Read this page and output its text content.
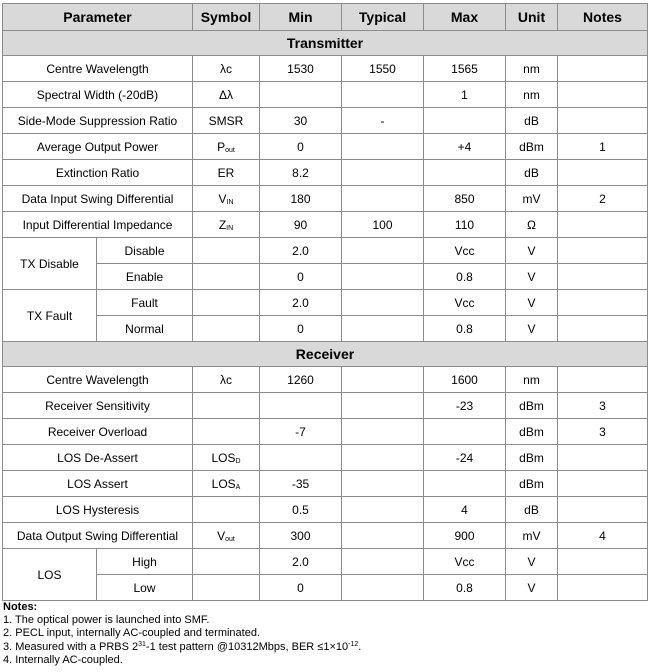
Parameter		Symbol	Min	Typical	Max	Unit	Notes
Transmitter							
Centre Wavelength		λc	1530	1550	1565	nm	
Spectral Width (-20dB)		Δλ			1	nm	
Side-Mode Suppression Ratio		SMSR	30	-		dB	
Average Output Power		$P_{out}$	0		+4	dBm	1
Extinction Ratio		ER	8.2			dB	
Data Input Swing Differential		$V_{IN}$	180		850	mV	2
Input Differential Impedance		$Z_{IN}$	90	100	110	Ω	
TX Disable	Disable		2.0		Vcc	V	
	Enable		0		0.8	V	
TX Fault	Fault		2.0		Vcc	V	
	Normal		0		0.8	V	
Receiver							
Centre Wavelength		λc	1260		1600	nm	
Receiver Sensitivity					-23	dBm	3
Receiver Overload			-7			dBm	3
LOS De-Assert		$LOS_D$			-24	dBm	
LOS Assert		$LOS_A$	-35			dBm	
LOS Hysteresis			0.5		4	dB	
Data Output Swing Differential		$V_{out}$	300		900	mV	4
LOS	High		2.0		Vcc	V	
	Low		0		0.8	V	
Notes:
1. The optical power is launched into SMF.
2. PECL input, internally AC-coupled and terminated.
3. Measured with a PRBS $2^{31}-1$ test pattern @10312Mbps, BER $\le 1\times 10^{-12}$.
4. Internally AC-coupled.
